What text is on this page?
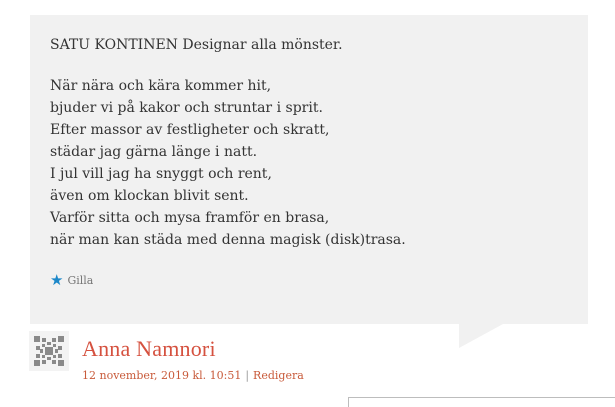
SATU KONTINEN Designar alla mönster.

När nära och kära kommer hit,

bjuder vi på kakor och struntar i sprit.

Efter massor av festligheter och skratt,

städar jag gärna länge i natt.

I jul vill jag ha snyggt och rent,

även om klockan blivit sent.

Varför sitta och mysa framför en brasa,

när man kan städa med denna magisk (disk)trasa.

★ Gilla
Anna Namnori
12 november, 2019 kl. 10:51 | Redigera
